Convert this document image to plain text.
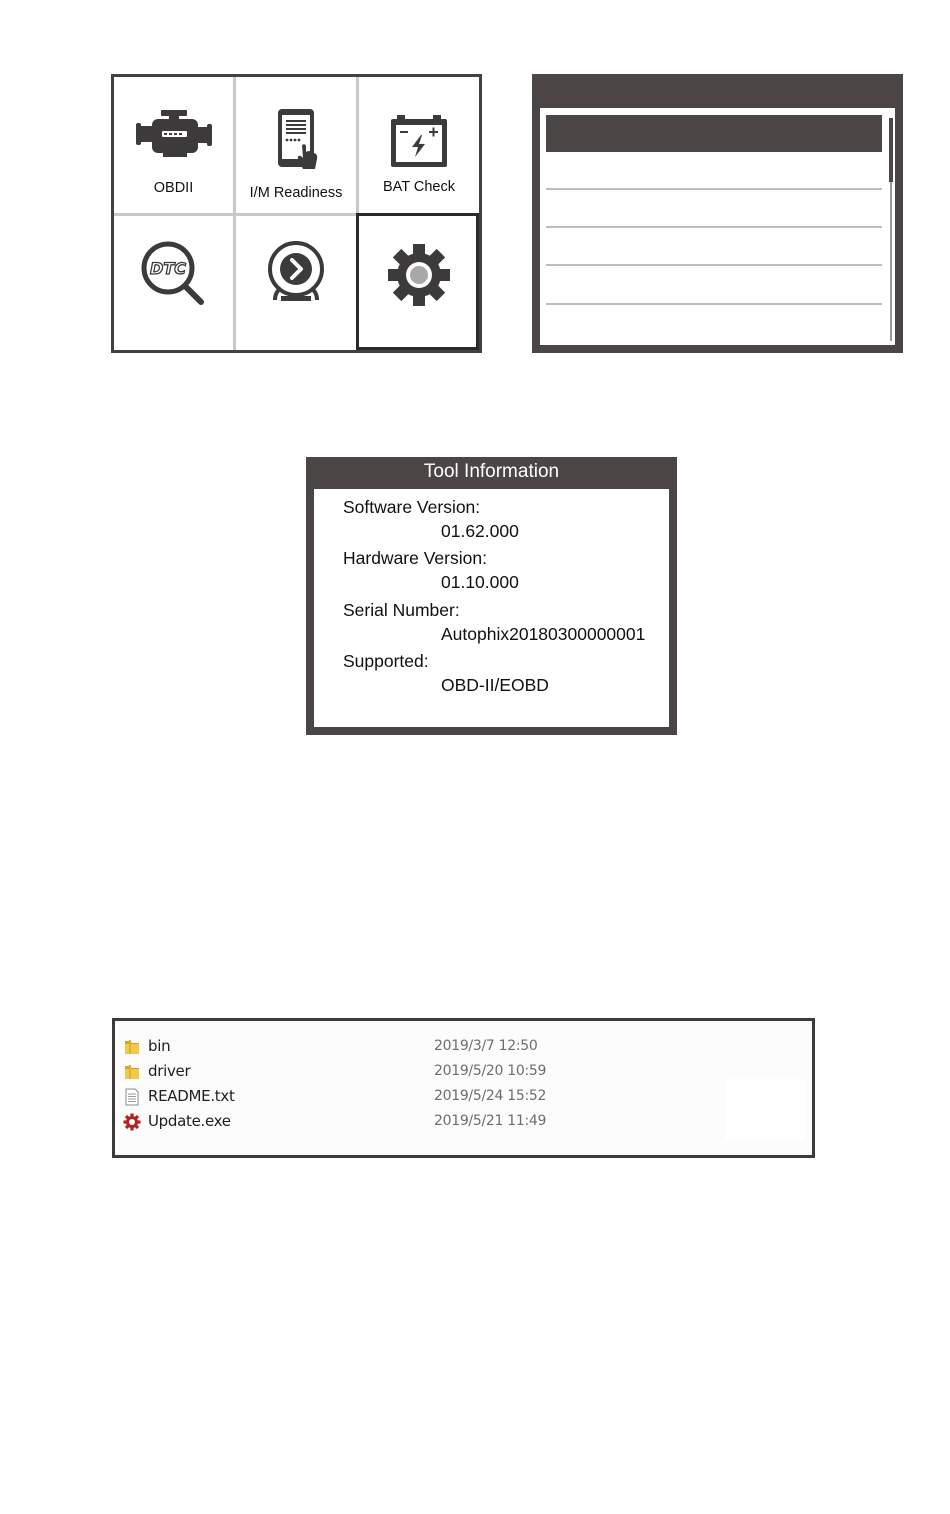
OBDII	I/M Readiness	BAT Check
DTC
Tool Information
Software Version:
01.62.000
Hardware Version:
01.10.000
Serial Number:
Autophix20180300000001
Supported:
OBD-II/EOBD
bin	2019/3/7 12:50
driver	2019/5/20 10:59
README.txt	2019/5/24 15:52
Update.exe	2019/5/21 11:49
